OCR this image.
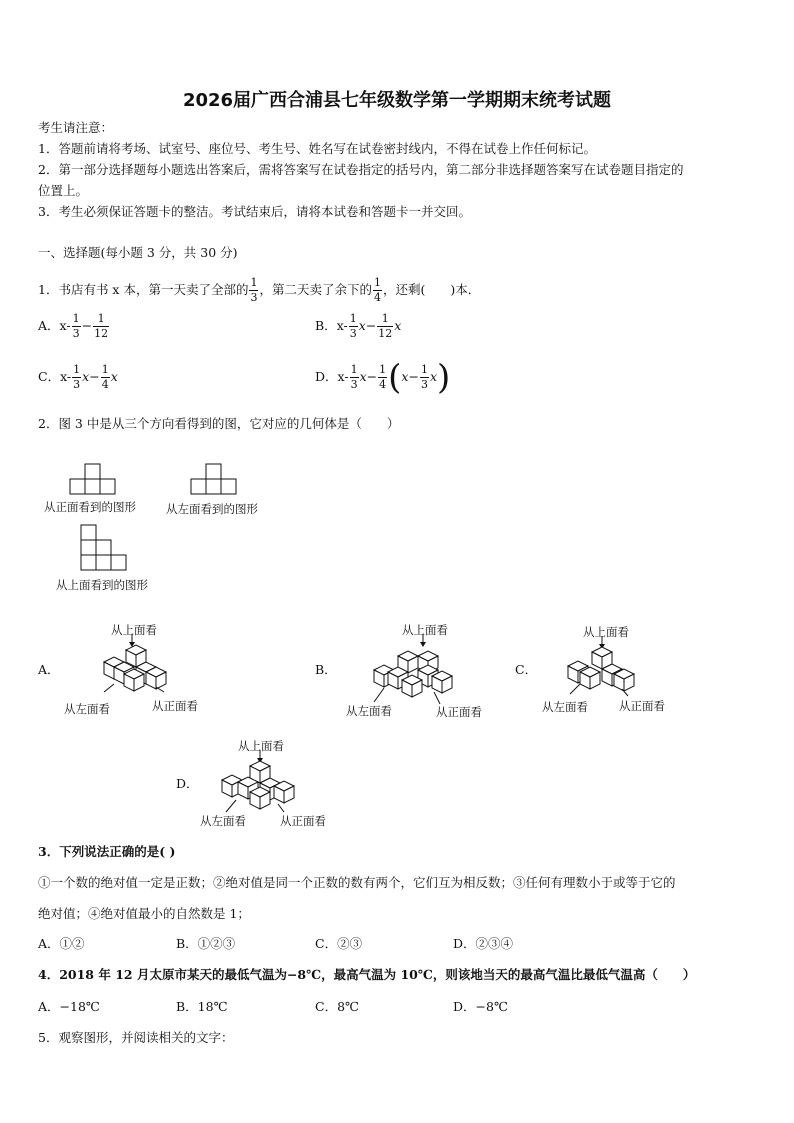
2026届广西合浦县七年级数学第一学期期末统考试题
考生请注意：
1．答题前请将考场、试室号、座位号、考生号、姓名写在试卷密封线内，不得在试卷上作任何标记。
2．第一部分选择题每小题选出答案后，需将答案写在试卷指定的括号内，第二部分非选择题答案写在试卷题目指定的
位置上。
3．考生必须保证答题卡的整洁。考试结束后，请将本试卷和答题卡一并交回。
一、选择题(每小题 3 分，共 30 分)
1．书店有书 x 本，第一天卖了全部的 $\frac{1}{3}$ ，第二天卖了余下的 $\frac{1}{4}$ ，还剩(　　)本．
A．$x- \frac{1}{3} - \frac{1}{12}$	B．$x- \frac{1}{3} x- \frac{1}{12}$ x
C．$x- \frac{1}{3} x- \frac{1}{4}$ x	D．$x- \frac{1}{3} x- \frac{1}{4} (x- \frac{1}{3} x)$
2．图 3 中是从三个方向看得到的图，它对应的几何体是（　　）
从正面看到的图形	从左面看到的图形
从上面看到的图形
A．
从上面看
从左面看	从正面看
B．
从上面看
从左面看	从正面看
C．
从上面看
从左面看	从正面看
D．
从上面看
从左面看	从正面看
3．下列说法正确的是( )
①一个数的绝对值一定是正数；②绝对值是同一个正数的数有两个，它们互为相反数；③任何有理数小于或等于它的
绝对值；④绝对值最小的自然数是 1；
A．①②	B．①②③	C．②③	D．②③④
4．2018 年 12 月太原市某天的最低气温为−8℃，最高气温为 10℃，则该地当天的最高气温比最低气温高（　　）
A．−18℃	B．18℃	C．8℃	D．−8℃
5．观察图形，并阅读相关的文字：
